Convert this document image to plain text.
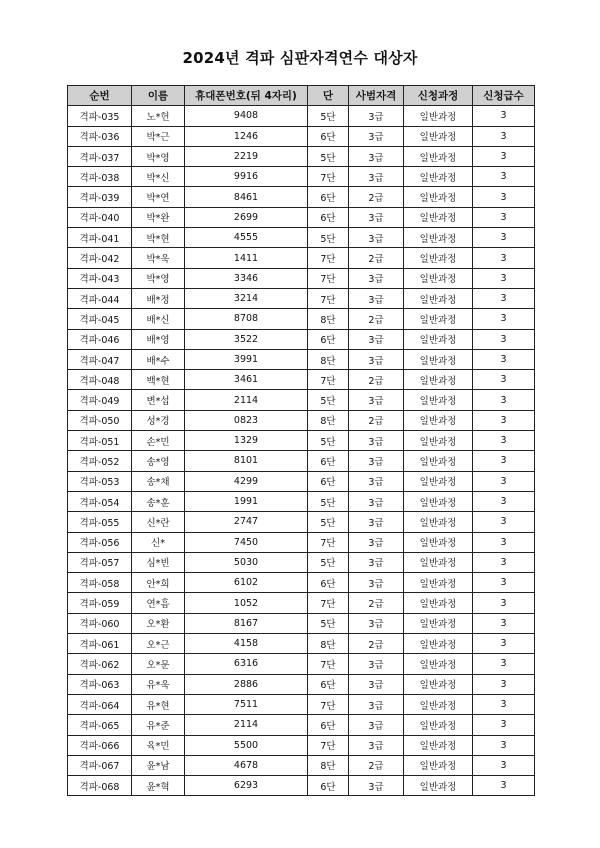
2024년 격파 심판자격연수 대상자
순번	이름	휴대폰번호(뒤 4자리)	단	사범자격	신청과정	신청급수
격파-035	노*헌	9408	5단	3급	일반과정	3
격파-036	박*근	1246	6단	3급	일반과정	3
격파-037	박*영	2219	5단	3급	일반과정	3
격파-038	박*신	9916	7단	3급	일반과정	3
격파-039	박*연	8461	6단	2급	일반과정	3
격파-040	박*완	2699	6단	3급	일반과정	3
격파-041	박*현	4555	5단	3급	일반과정	3
격파-042	박*욱	1411	7단	2급	일반과정	3
격파-043	박*영	3346	7단	3급	일반과정	3
격파-044	배*정	3214	7단	3급	일반과정	3
격파-045	배*신	8708	8단	2급	일반과정	3
격파-046	배*영	3522	6단	3급	일반과정	3
격파-047	배*수	3991	8단	3급	일반과정	3
격파-048	백*현	3461	7단	2급	일반과정	3
격파-049	변*섭	2114	5단	3급	일반과정	3
격파-050	성*경	0823	8단	2급	일반과정	3
격파-051	손*민	1329	5단	3급	일반과정	3
격파-052	송*영	8101	6단	3급	일반과정	3
격파-053	송*채	4299	6단	3급	일반과정	3
격파-054	송*훈	1991	5단	3급	일반과정	3
격파-055	신*란	2747	5단	3급	일반과정	3
격파-056	신*	7450	7단	3급	일반과정	3
격파-057	심*빈	5030	5단	3급	일반과정	3
격파-058	안*희	6102	6단	3급	일반과정	3
격파-059	연*흠	1052	7단	2급	일반과정	3
격파-060	오*환	8167	5단	3급	일반과정	3
격파-061	오*근	4158	8단	2급	일반과정	3
격파-062	오*문	6316	7단	3급	일반과정	3
격파-063	유*욱	2886	6단	3급	일반과정	3
격파-064	유*현	7511	7단	3급	일반과정	3
격파-065	유*준	2114	6단	3급	일반과정	3
격파-066	육*민	5500	7단	3급	일반과정	3
격파-067	윤*남	4678	8단	2급	일반과정	3
격파-068	윤*혁	6293	6단	3급	일반과정	3
